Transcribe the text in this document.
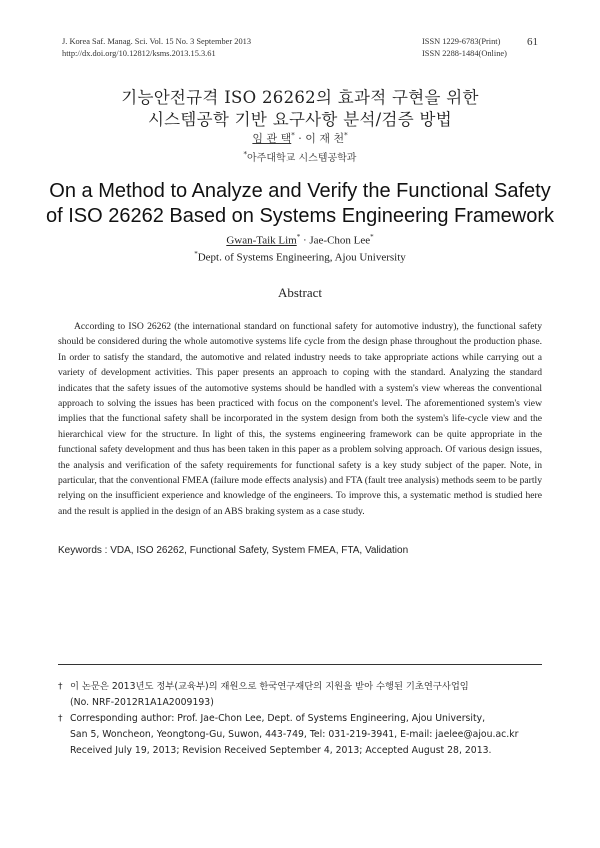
J. Korea Saf. Manag. Sci. Vol. 15 No. 3 September 2013
http://dx.doi.org/10.12812/ksms.2013.15.3.61
ISSN 1229-6783(Print)
ISSN 2288-1484(Online)
61
기능안전규격 ISO 26262의 효과적 구현을 위한
시스템공학 기반 요구사항 분석/검증 방법
임 관 택* · 이 재 천*
*아주대학교 시스템공학과
On a Method to Analyze and Verify the Functional Safety
of ISO 26262 Based on Systems Engineering Framework
Gwan-Taik Lim* · Jae-Chon Lee*
*Dept. of Systems Engineering, Ajou University
Abstract

According to ISO 26262 (the international standard on functional safety for automotive industry), the functional safety should be considered during the whole automotive systems life cycle from the design phase throughout the production phase. In order to satisfy the standard, the automotive and related industry needs to take appropriate actions while carrying out a variety of development activities. This paper presents an approach to coping with the standard. Analyzing the standard indicates that the safety issues of the automotive systems should be handled with a system's view whereas the conventional approach to solving the issues has been practiced with focus on the component's level. The aforementioned system's view implies that the functional safety shall be incorporated in the system design from both the system's life-cycle view and the hierarchical view for the structure. In light of this, the systems engineering framework can be quite appropriate in the functional safety development and thus has been taken in this paper as a problem solving approach. Of various design issues, the analysis and verification of the safety requirements for functional safety is a key study subject of the paper. Note, in particular, that the conventional FMEA (failure mode effects analysis) and FTA (fault tree analysis) methods seem to be partly relying on the insufficient experience and knowledge of the engineers. To improve this, a systematic method is studied here and the result is applied in the design of an ABS braking system as a case study.

Keywords : VDA, ISO 26262, Functional Safety, System FMEA, FTA, Validation
† 이 논문은 2013년도 정부(교육부)의 재원으로 한국연구재단의 지원을 받아 수행된 기초연구사업임
(No. NRF-2012R1A1A2009193)
† Corresponding author: Prof. Jae-Chon Lee, Dept. of Systems Engineering, Ajou University,
San 5, Woncheon, Yeongtong-Gu, Suwon, 443-749, Tel: 031-219-3941, E-mail: jaelee@ajou.ac.kr
Received July 19, 2013; Revision Received September 4, 2013; Accepted August 28, 2013.
